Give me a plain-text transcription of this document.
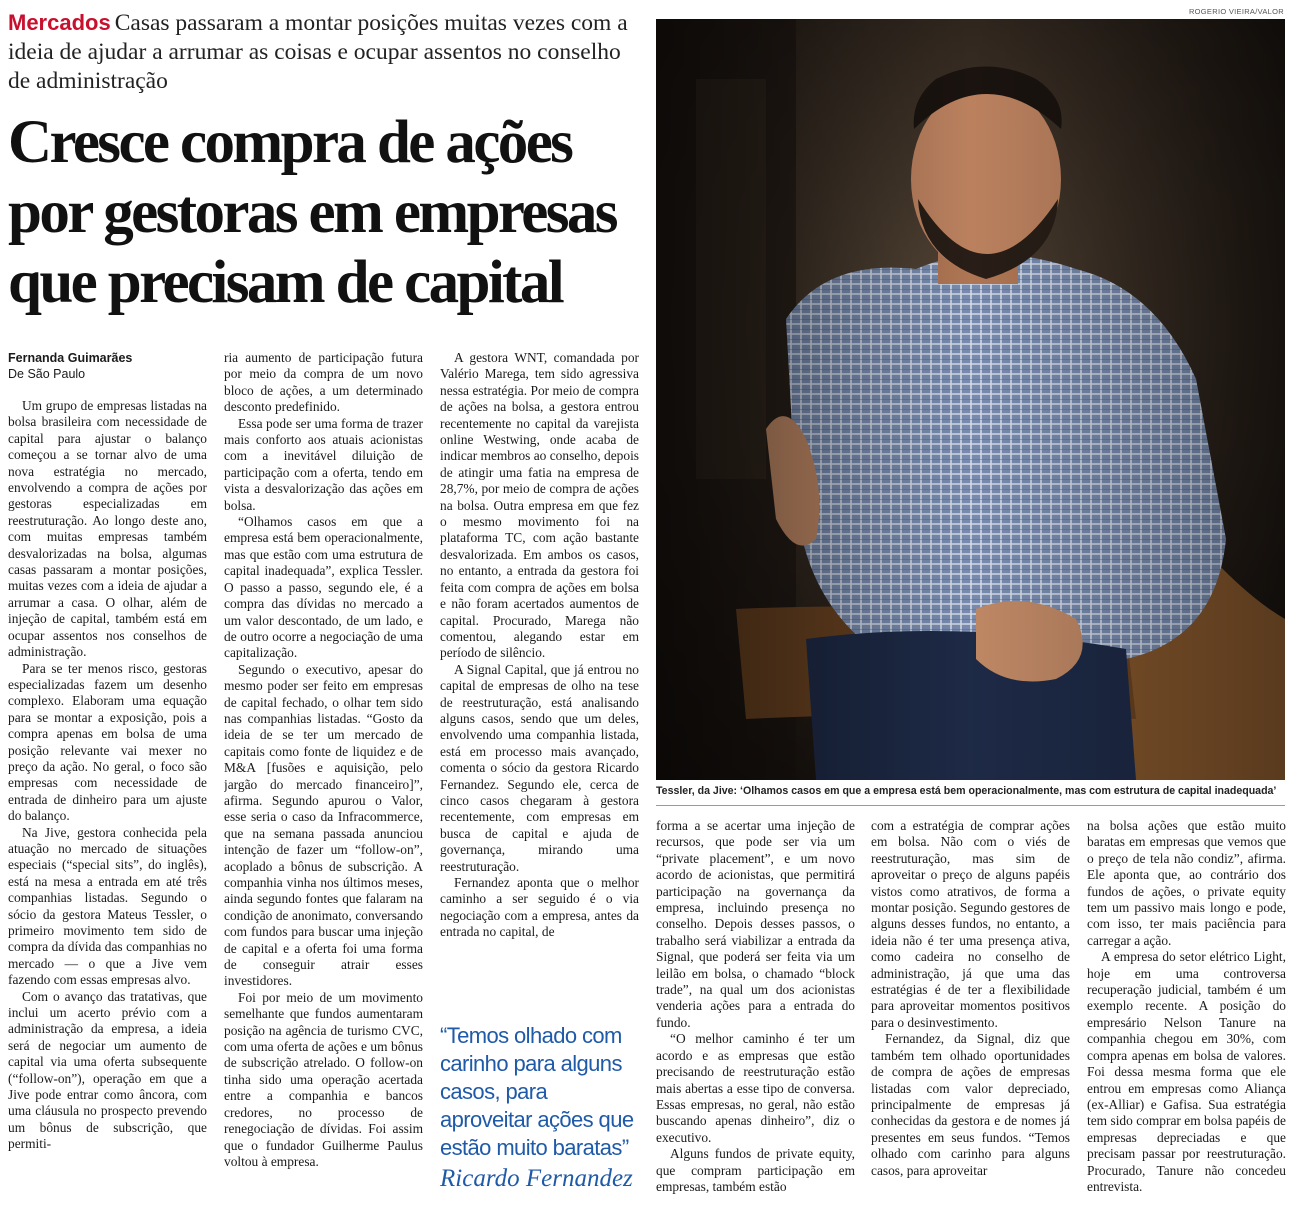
Mercados Casas passaram a montar posições muitas vezes com a ideia de ajudar a arrumar as coisas e ocupar assentos no conselho de administração
Cresce compra de ações por gestoras em empresas que precisam de capital
Fernanda Guimarães
De São Paulo

Um grupo de empresas listadas na bolsa brasileira com necessidade de capital para ajustar o balanço começou a se tornar alvo de uma nova estratégia no mercado, envolvendo a compra de ações por gestoras especializadas em reestruturação. Ao longo deste ano, com muitas empresas também desvalorizadas na bolsa, algumas casas passaram a montar posições, muitas vezes com a ideia de ajudar a arrumar a casa. O olhar, além de injeção de capital, também está em ocupar assentos nos conselhos de administração.

Para se ter menos risco, gestoras especializadas fazem um desenho complexo. Elaboram uma equação para se montar a exposição, pois a compra apenas em bolsa de uma posição relevante vai mexer no preço da ação. No geral, o foco são empresas com necessidade de entrada de dinheiro para um ajuste do balanço.

Na Jive, gestora conhecida pela atuação no mercado de situações especiais (“special sits”, do inglês), está na mesa a entrada em até três companhias listadas. Segundo o sócio da gestora Mateus Tessler, o primeiro movimento tem sido de compra da dívida das companhias no mercado — o que a Jive vem fazendo com essas empresas alvo.

Com o avanço das tratativas, que inclui um acerto prévio com a administração da empresa, a ideia será de negociar um aumento de capital via uma oferta subsequente (“follow-on”), operação em que a Jive pode entrar como âncora, com uma cláusula no prospecto prevendo um bônus de subscrição, que permiti-

ria aumento de participação futura por meio da compra de um novo bloco de ações, a um determinado desconto predefinido.

Essa pode ser uma forma de trazer mais conforto aos atuais acionistas com a inevitável diluição de participação com a oferta, tendo em vista a desvalorização das ações em bolsa.

“Olhamos casos em que a empresa está bem operacionalmente, mas que estão com uma estrutura de capital inadequada”, explica Tessler. O passo a passo, segundo ele, é a compra das dívidas no mercado a um valor descontado, de um lado, e de outro ocorre a negociação de uma capitalização.

Segundo o executivo, apesar do mesmo poder ser feito em empresas de capital fechado, o olhar tem sido nas companhias listadas. “Gosto da ideia de se ter um mercado de capitais como fonte de liquidez e de M&A [fusões e aquisição, pelo jargão do mercado financeiro]”, afirma. Segundo apurou o Valor, esse seria o caso da Infracommerce, que na semana passada anunciou intenção de fazer um “follow-on”, acoplado a bônus de subscrição. A companhia vinha nos últimos meses, ainda segundo fontes que falaram na condição de anonimato, conversando com fundos para buscar uma injeção de capital e a oferta foi uma forma de conseguir atrair esses investidores.

Foi por meio de um movimento semelhante que fundos aumentaram posição na agência de turismo CVC, com uma oferta de ações e um bônus de subscrição atrelado. O follow-on tinha sido uma operação acertada entre a companhia e bancos credores, no processo de renegociação de dívidas. Foi assim que o fundador Guilherme Paulus voltou à empresa.

A gestora WNT, comandada por Valério Marega, tem sido agressiva nessa estratégia. Por meio de compra de ações na bolsa, a gestora entrou recentemente no capital da varejista online Westwing, onde acaba de indicar membros ao conselho, depois de atingir uma fatia na empresa de 28,7%, por meio de compra de ações na bolsa. Outra empresa em que fez o mesmo movimento foi na plataforma TC, com ação bastante desvalorizada. Em ambos os casos, no entanto, a entrada da gestora foi feita com compra de ações em bolsa e não foram acertados aumentos de capital. Procurado, Marega não comentou, alegando estar em período de silêncio.

A Signal Capital, que já entrou no capital de empresas de olho na tese de reestruturação, está analisando alguns casos, sendo que um deles, envolvendo uma companhia listada, está em processo mais avançado, comenta o sócio da gestora Ricardo Fernandez. Segundo ele, cerca de cinco casos chegaram à gestora recentemente, com empresas em busca de capital e ajuda de governança, mirando uma reestruturação.

Fernandez aponta que o melhor caminho a ser seguido é o via negociação com a empresa, antes da entrada no capital, de

“Temos olhado com carinho para alguns casos, para aproveitar ações que estão muito baratas”
Ricardo Fernandez
ROGERIO VIEIRA/VALOR
Tessler, da Jive: ‘Olhamos casos em que a empresa está bem operacionalmente, mas com estrutura de capital inadequada’

forma a se acertar uma injeção de recursos, que pode ser via um “private placement”, e um novo acordo de acionistas, que permitirá participação na governança da empresa, incluindo presença no conselho. Depois desses passos, o trabalho será viabilizar a entrada da Signal, que poderá ser feita via um leilão em bolsa, o chamado “block trade”, na qual um dos acionistas venderia ações para a entrada do fundo.

“O melhor caminho é ter um acordo e as empresas que estão precisando de reestruturação estão mais abertas a esse tipo de conversa. Essas empresas, no geral, não estão buscando apenas dinheiro”, diz o executivo.

Alguns fundos de private equity, que compram participação em empresas, também estão

com a estratégia de comprar ações em bolsa. Não com o viés de reestruturação, mas sim de aproveitar o preço de alguns papéis vistos como atrativos, de forma a montar posição. Segundo gestores de alguns desses fundos, no entanto, a ideia não é ter uma presença ativa, como cadeira no conselho de administração, já que uma das estratégias é de ter a flexibilidade para aproveitar momentos positivos para o desinvestimento.

Fernandez, da Signal, diz que também tem olhado oportunidades de compra de ações de empresas listadas com valor depreciado, principalmente de empresas já conhecidas da gestora e de nomes já presentes em seus fundos. “Temos olhado com carinho para alguns casos, para aproveitar

na bolsa ações que estão muito baratas em empresas que vemos que o preço de tela não condiz”, afirma. Ele aponta que, ao contrário dos fundos de ações, o private equity tem um passivo mais longo e pode, com isso, ter mais paciência para carregar a ação.

A empresa do setor elétrico Light, hoje em uma controversa recuperação judicial, também é um exemplo recente. A posição do empresário Nelson Tanure na companhia chegou em 30%, com compra apenas em bolsa de valores. Foi dessa mesma forma que ele entrou em empresas como Aliança (ex-Alliar) e Gafisa. Sua estratégia tem sido comprar em bolsa papéis de empresas depreciadas e que precisam passar por reestruturação. Procurado, Tanure não concedeu entrevista.
